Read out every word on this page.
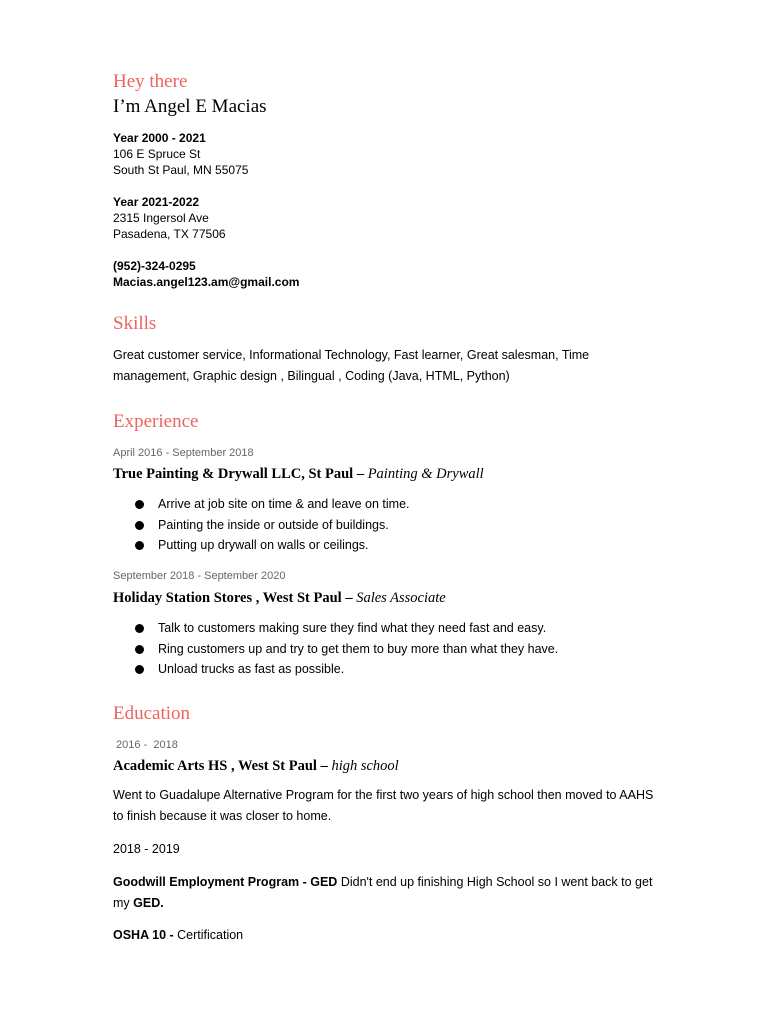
Hey there
I’m Angel E Macias
Year 2000 - 2021
106 E Spruce St
South St Paul, MN 55075
Year 2021-2022
2315 Ingersol Ave
Pasadena, TX 77506
(952)-324-0295
Macias.angel123.am@gmail.com
Skills
Great customer service, Informational Technology, Fast learner, Great salesman, Time management, Graphic design , Bilingual , Coding (Java, HTML, Python)
Experience
April 2016 - September 2018
True Painting & Drywall LLC, St Paul – Painting & Drywall
Arrive at job site on time & and leave on time.
Painting the inside or outside of buildings.
Putting up drywall on walls or ceilings.
September 2018 - September 2020
Holiday Station Stores , West St Paul – Sales Associate
Talk to customers making sure they find what they need fast and easy.
Ring customers up and try to get them to buy more than what they have.
Unload trucks as fast as possible.
Education
2016 -  2018
Academic Arts HS , West St Paul – high school
Went to Guadalupe Alternative Program for the first two years of high school then moved to AAHS to finish because it was closer to home.
2018 - 2019
Goodwill Employment Program - GED Didn't end up finishing High School so I went back to get my GED.
OSHA 10 - Certification
